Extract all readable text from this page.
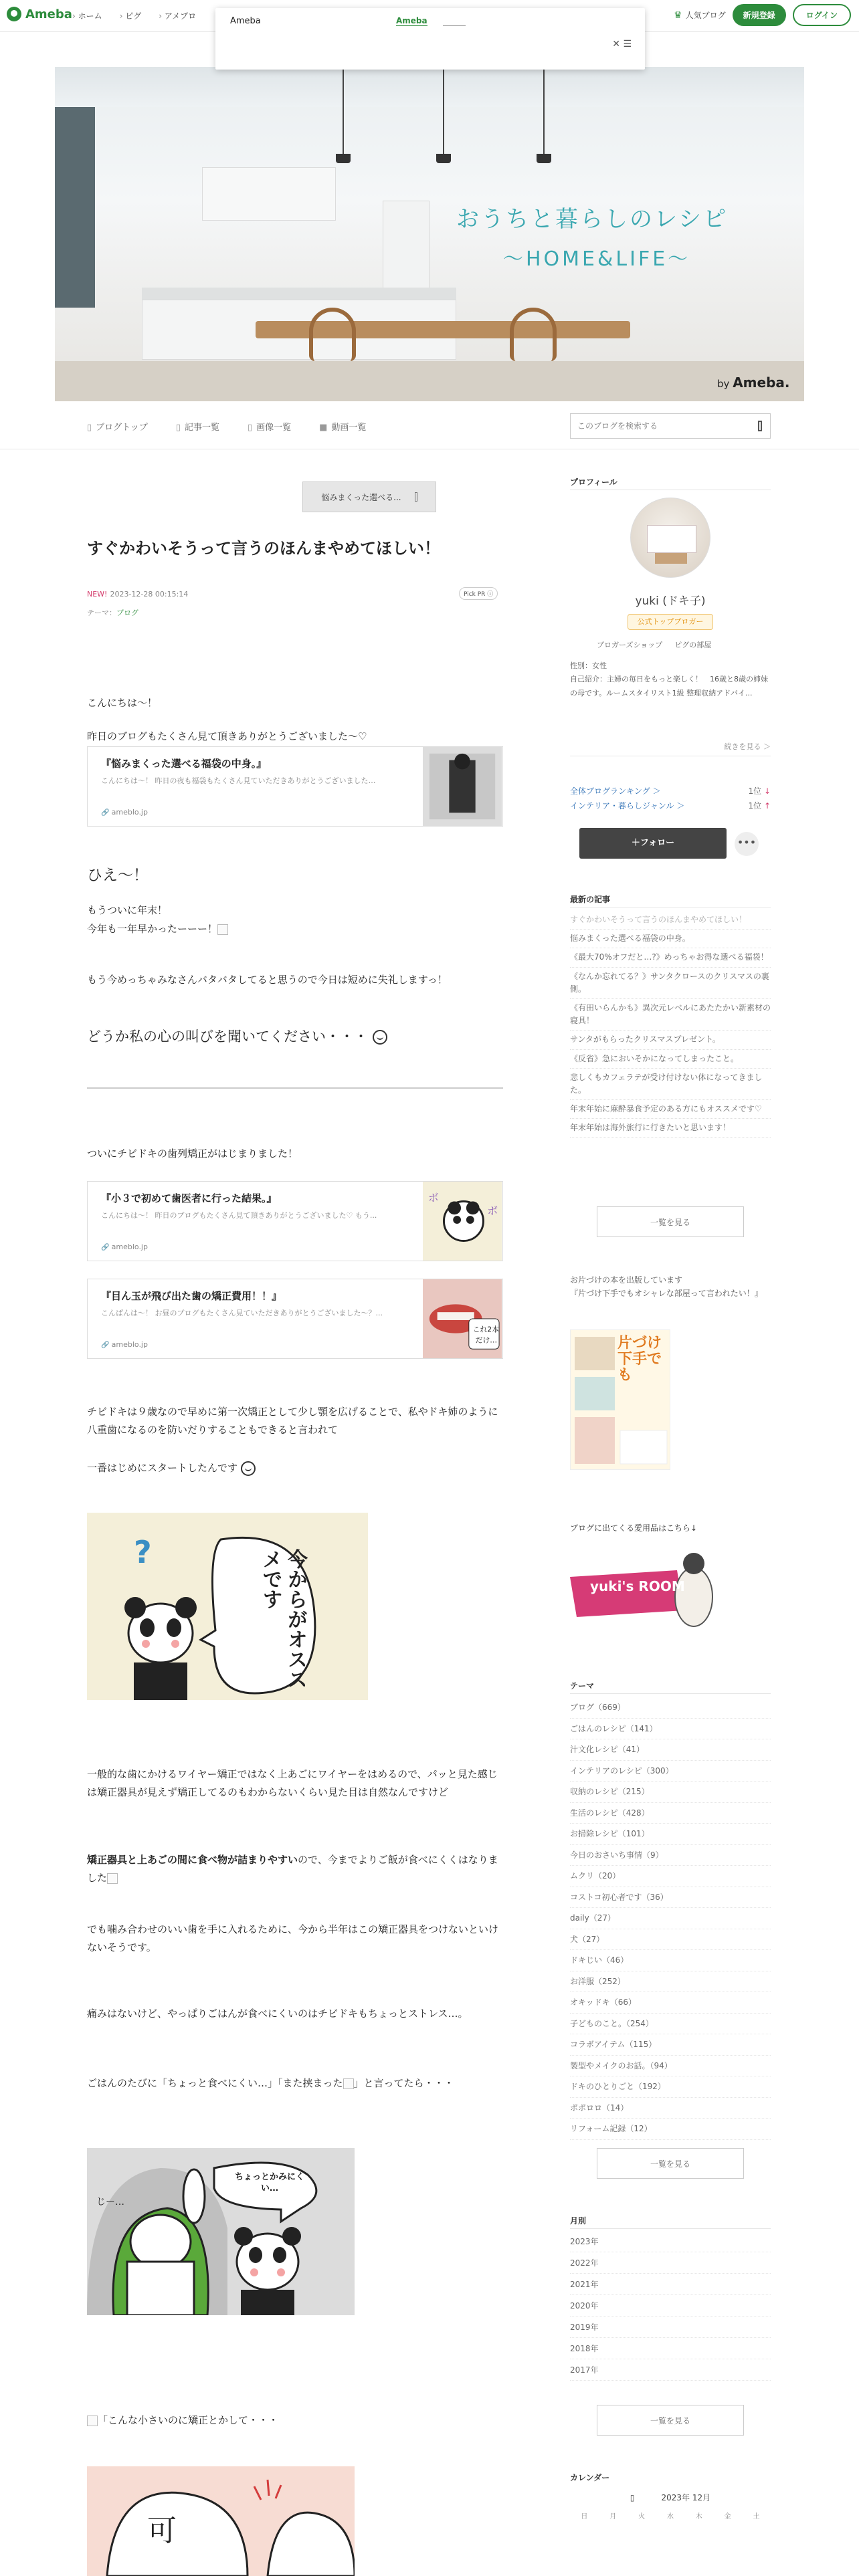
Ameba › ホーム	› ピグ	› アメブロ	♛ 人気ブログ	新規登録	ログイン
Ameba	Ameba
✕ ☰
おうちと暮らしのレシピ
〜HOME&LIFE〜
by Ameba.
▯ ブログトップ	▯ 記事一覧	▯ 画像一覧	■ 動画一覧
このブログを検索する
悩みまくった選べる...
すぐかわいそうって言うのほんまやめてほしい！
NEW! 2023-12-28 00:15:14	Pick PR ⓘ
テーマ：ブログ

こんにちは〜！

昨日のブログもたくさん見て頂きありがとうございました〜♡

『悩みまくった選べる福袋の中身。』
こんにちは〜！ 昨日の夜も福袋もたくさん見ていただきありがとうございました…
🔗 ameblo.jp

ひえ〜！

もうついに年末！

今年も一年早かったーーー！

もう今めっちゃみなさんバタバタしてると思うので今日は短めに失礼しますっ！

どうか私の心の叫びを聞いてください・・・

ついにチビドキの歯列矯正がはじまりました！

『小３で初めて歯医者に行った結果。』
こんにちは〜！ 昨日のブログもたくさん見て頂きありがとうございました♡ もう...
🔗 ameblo.jp
ボ
ボ
『目ん玉が飛び出た歯の矯正費用！！』
こんばんは〜！ お昼のブログもたくさん見ていただきありがとうございました〜？...
🔗 ameblo.jp
これ2本
だけ…

チビドキは９歳なので早めに第一次矯正として少し顎を広げることで、私やドキ姉のように八重歯になるのを防いだりすることもできると言われて

一番はじめにスタートしたんです

?	今からがオススメです

一般的な歯にかけるワイヤー矯正ではなく上あごにワイヤーをはめるので、パッと見た感じは矯正器具が見えず矯正してるのもわからないくらい見た目は自然なんですけど

矯正器具と上あごの間に食べ物が詰まりやすいので、今までよりご飯が食べにくくはなりました

でも噛み合わせのいい歯を手に入れるために、今から半年はこの矯正器具をつけないといけないそうです。

痛みはないけど、やっぱりごはんが食べにくいのはチビドキもちょっとストレス…。

ごはんのたびに「ちょっと食べにくい…」「また挟まった 」と言ってたら・・・

ちょっとかみにくい…
じー…

「こんな小さいのに矯正とかして・・・

可
プロフィール
yuki (ドキ子)
公式トップブロガー
ブロガーズショップ ピグの部屋
性別：女性
自己紹介：主婦の毎日をもっと楽しく！　16歳と8歳の姉妹の母です。ルームスタイリスト1級 整理収納アドバイ...
続きを見る ＞
全体ブログランキング ＞	1位 ↓
インテリア・暮らしジャンル ＞	1位 ↑
＋フォロー	•••
最新の記事
すぐかわいそうって言うのほんまやめてほしい！
悩みまくった選べる福袋の中身。
《最大70%オフだと…?》めっちゃお得な選べる福袋！
《なんか忘れてる？》サンタクロースのクリスマスの裏側。
《有田いらんかも》異次元レベルにあたたかい新素材の寝具！
サンタがもらったクリスマスプレゼント。
《反省》急においそかになってしまったこと。
悲しくもカフェラテが受け付けない体になってきました。
年末年始に麻酔暴食予定のある方にもオススメです♡
年末年始は海外旅行に行きたいと思います！
一覧を見る

お片づけの本を出版しています

『片づけ下手でもオシャレな部屋って言われたい！』

片づけ下手でも
ブログに出てくる愛用品はこちら↓
yuki's ROOM
テーマ
ブログ（669）
ごはんのレシピ（141）
汁文化レシピ（41）
インテリアのレシピ（300）
収納のレシピ（215）
生活のレシピ（428）
お掃除レシピ（101）
今日のおさいち事情（9）
ムクリ（20）
コストコ初心者です（36）
daily（27）
犬（27）
ドキじい（46）
お洋服（252）
オキッドキ（66）
子どものこと。（254）
コラボアイテム（115）
製型やメイクのお話。（94）
ドキのひとりごと（192）
ポポロロ（14）
リフォーム記録（12）
一覧を見る
月別
2023年
2022年
2021年
2020年
2019年
2018年
2017年
一覧を見る
カレンダー
▯	2023年 12月
日	月	火	水	木	金	土
